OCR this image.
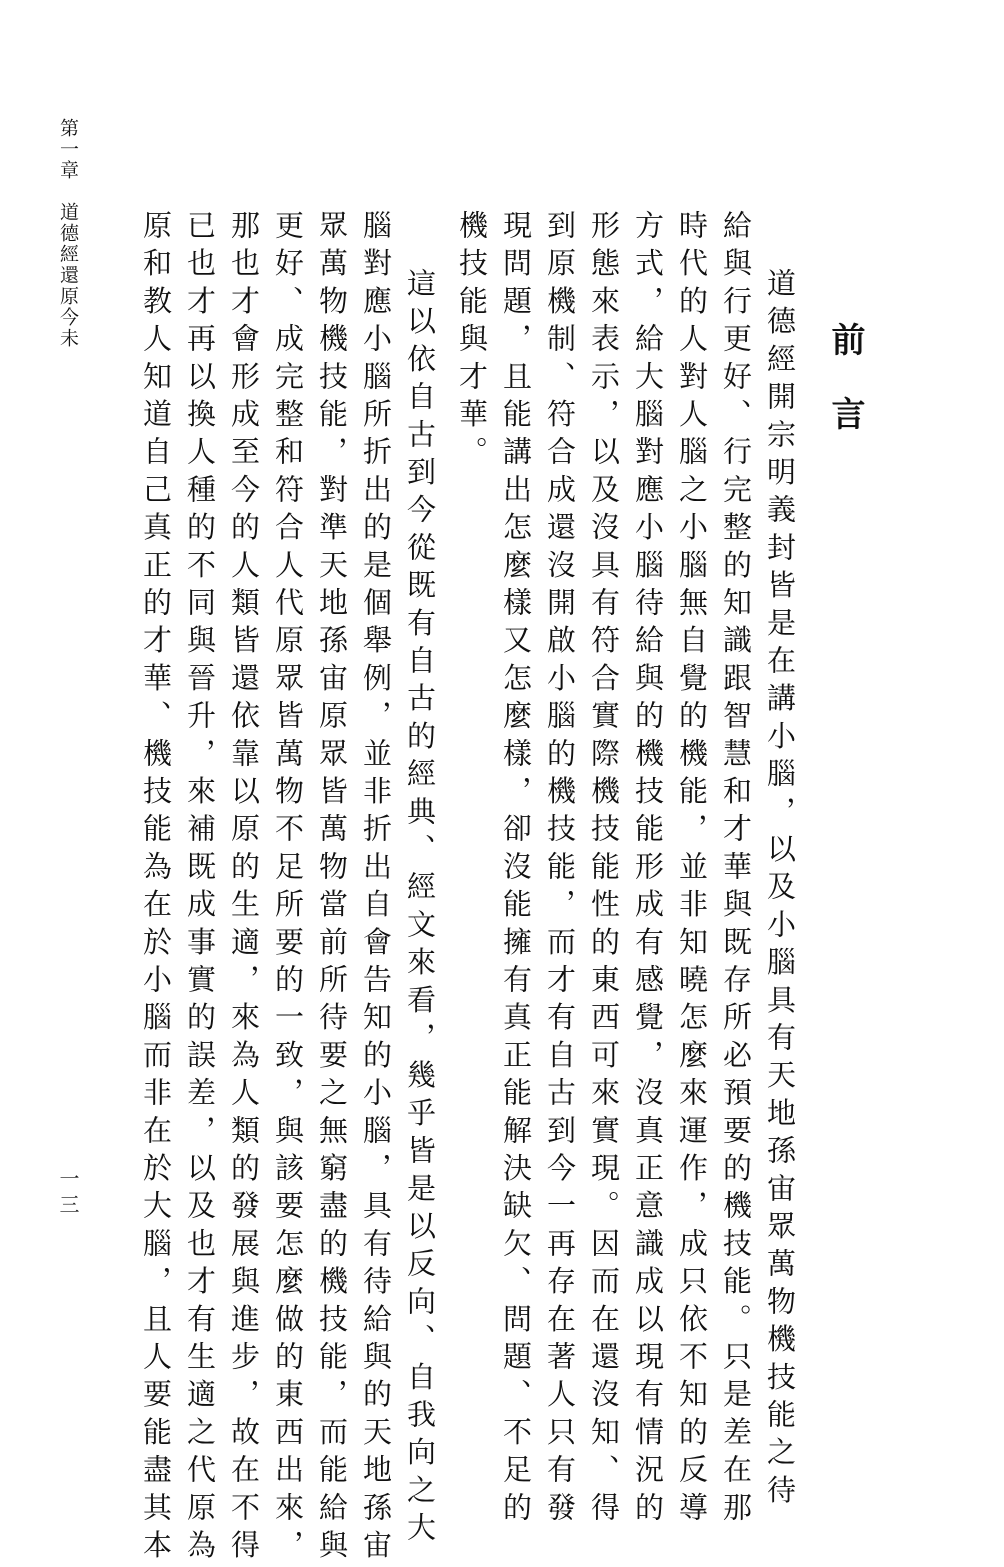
前言
道德經開宗明義封皆是在講小腦，以及小腦具有天地孫宙眾萬物機技能之待
給與行更好、行完整的知識跟智慧和才華與既存所必預要的機技能。只是差在那
時代的人對人腦之小腦無自覺的機能，並非知曉怎麼來運作，成只依不知的反導
方式，給大腦對應小腦待給與的機技能形成有感覺，沒真正意識成以現有情況的
形態來表示，以及沒具有符合實際機技能性的東西可來實現。因而在還沒知、得
到原機制、符合成還沒開啟小腦的機技能，而才有自古到今一再存在著人只有發
現問題，且能講出怎麼樣又怎麼樣，卻沒能擁有真正能解決缺欠、問題、不足的
機技能與才華。
這以依自古到今從既有自古的經典、經文來看，幾乎皆是以反向、自我向之大
腦對應小腦所折出的是個舉例，並非折出自會告知的小腦，具有待給與的天地孫宙
眾萬物機技能，對準天地孫宙原眾皆萬物當前所待要之無窮盡的機技能，而能給與
更好、成完整和符合人代原眾皆萬物不足所要的一致，與該要怎麼做的東西出來，
那也才會形成至今的人類皆還依靠以原的生適，來為人類的發展與進步，故在不得
已也才再以換人種的不同與晉升，來補既成事實的誤差，以及也才有生適之代原為
原和教人知道自己真正的才華、機技能為在於小腦而非在於大腦，且人要能盡其本
第一章　道德經還原今未
一三
